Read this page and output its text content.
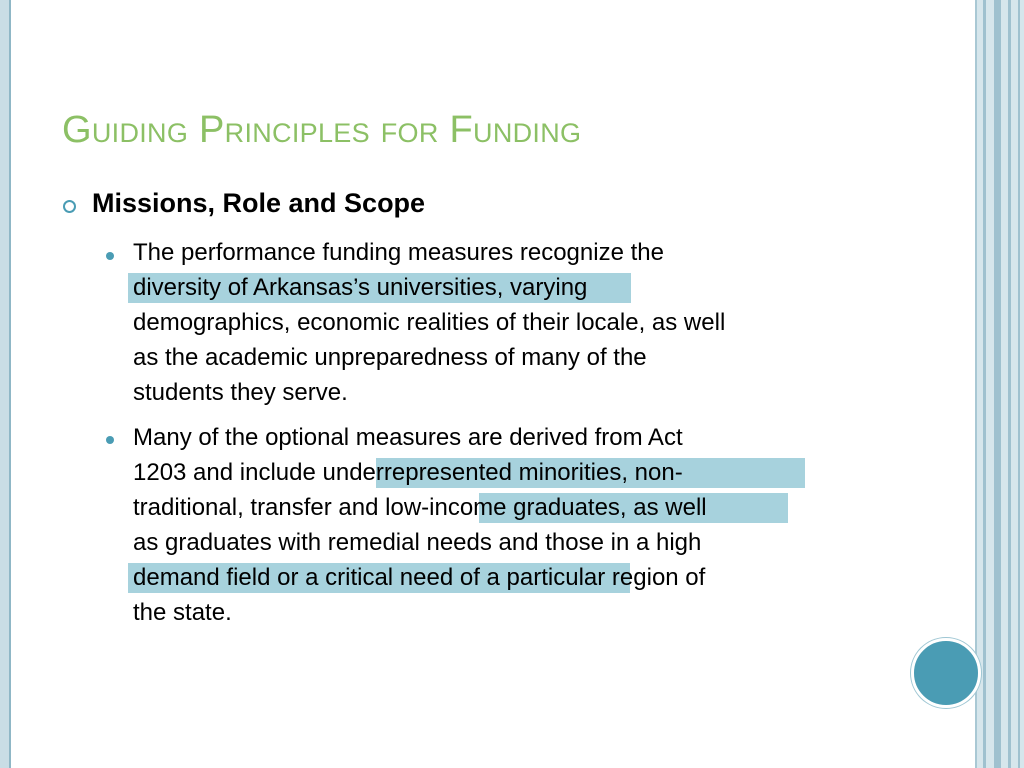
Guiding Principles for Funding
Missions, Role and Scope
The performance funding measures recognize the
diversity of Arkansas’s universities, varying
demographics, economic realities of their locale, as well
as the academic unpreparedness of many of the
students they serve.
Many of the optional measures are derived from Act
1203 and include underrepresented minorities, non-
traditional, transfer and low-income graduates, as well
as graduates with remedial needs and those in a high
demand field or a critical need of a particular region of
the state.
